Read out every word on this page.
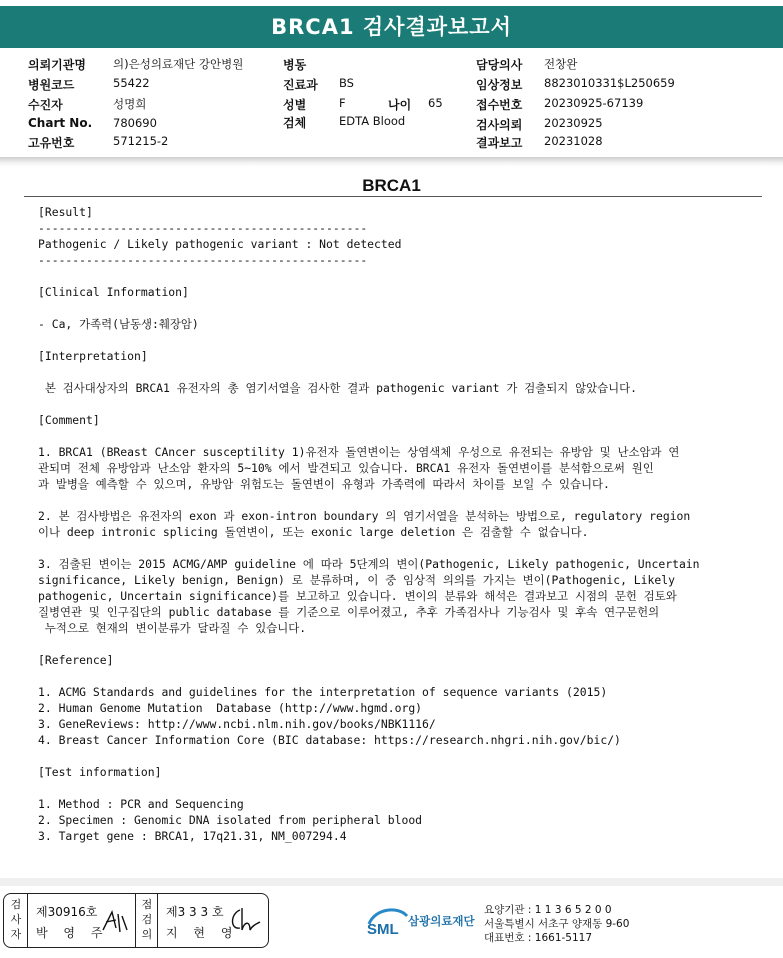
BRCA1 검사결과보고서
의뢰기관명 의)은성의료재단 강안병원
병원코드	55422
수진자	성명희
Chart No. 780690
고유번호	571215-2
병동
진료과 BS
성별	F	나이 65
검체	EDTA Blood
담당의사 전창완
임상정보 8823010331$L250659
접수번호 20230925-67139
검사의뢰 20230925
결과보고 20231028
BRCA1
[Result]
------------------------------------------------
Pathogenic / Likely pathogenic variant : Not detected
------------------------------------------------
[Clinical Information]
- Ca, 가족력(남동생:췌장암)
[Interpretation]
본 검사대상자의 BRCA1 유전자의 총 염기서열을 검사한 결과 pathogenic variant 가 검출되지 않았습니다.
[Comment]
1. BRCA1 (BReast CAncer susceptility 1)유전자 돌연변이는 상염색체 우성으로 유전되는 유방암 및 난소암과 연
관되며 전체 유방암과 난소암 환자의 5~10% 에서 발견되고 있습니다. BRCA1 유전자 돌연변이를 분석함으로써 원인
과 발병을 예측할 수 있으며, 유방암 위험도는 돌연변이 유형과 가족력에 따라서 차이를 보일 수 있습니다.
2. 본 검사방법은 유전자의 exon 과 exon-intron boundary 의 염기서열을 분석하는 방법으로, regulatory region
이나 deep intronic splicing 돌연변이, 또는 exonic large deletion 은 검출할 수 없습니다.
3. 검출된 변이는 2015 ACMG/AMP guideline 에 따라 5단계의 변이(Pathogenic, Likely pathogenic, Uncertain
significance, Likely benign, Benign) 로 분류하며, 이 중 임상적 의의를 가지는 변이(Pathogenic, Likely
pathogenic, Uncertain significance)를 보고하고 있습니다. 변이의 분류와 해석은 결과보고 시점의 문헌 검토와
질병연관 및 인구집단의 public database 를 기준으로 이루어졌고, 추후 가족검사나 기능검사 및 후속 연구문헌의
누적으로 현재의 변이분류가 달라질 수 있습니다.
[Reference]
1. ACMG Standards and guidelines for the interpretation of sequence variants (2015)
2. Human Genome Mutation  Database (http://www.hgmd.org)
3. GeneReviews: http://www.ncbi.nlm.nih.gov/books/NBK1116/
4. Breast Cancer Information Core (BIC database: https://research.nhgri.nih.gov/bic/)
[Test information]
1. Method : PCR and Sequencing
2. Specimen : Genomic DNA isolated from peripheral blood
3. Target gene : BRCA1, 17q21.31, NM_007294.4
검
사
자
제30916호
박 영 주
점
검
의
제3 3 3 호
지 현 영	SML 삼광의료재단
요양기관 : 1 1 3 6 5 2 0 0
서울특별시 서초구 양재동 9-60
대표번호 : 1661-5117
